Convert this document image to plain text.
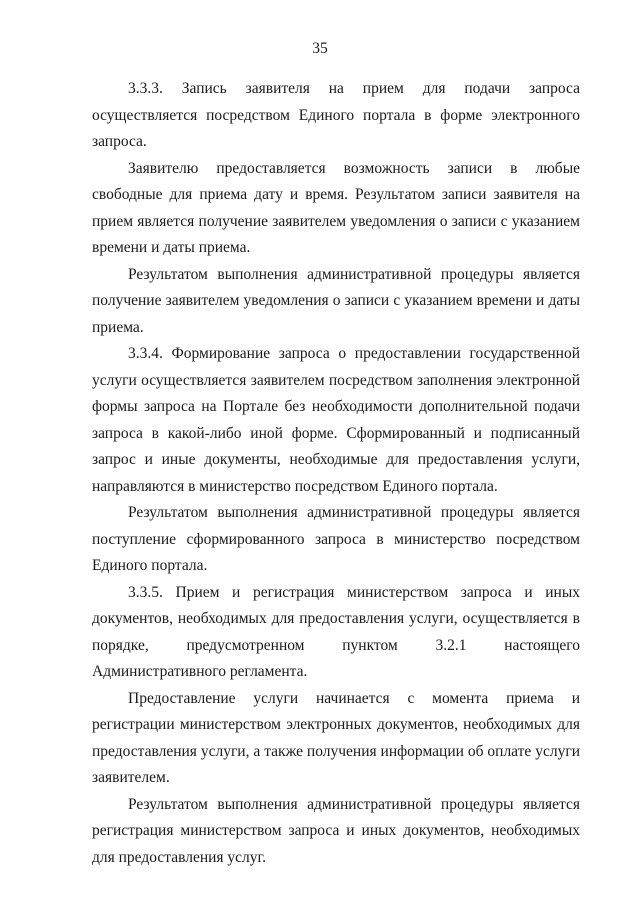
35

3.3.3. Запись заявителя на прием для подачи запроса осуществляется посредством Единого портала в форме электронного запроса.

Заявителю предоставляется возможность записи в любые свободные для приема дату и время. Результатом записи заявителя на прием является получение заявителем уведомления о записи с указанием времени и даты приема.

Результатом выполнения административной процедуры является получение заявителем уведомления о записи с указанием времени и даты приема.

3.3.4. Формирование запроса о предоставлении государственной услуги осуществляется заявителем посредством заполнения электронной формы запроса на Портале без необходимости дополнительной подачи запроса в какой-либо иной форме. Сформированный и подписанный запрос и иные документы, необходимые для предоставления услуги, направляются в министерство посредством Единого портала.

Результатом выполнения административной процедуры является поступление сформированного запроса в министерство посредством Единого портала.

3.3.5. Прием и регистрация министерством запроса и иных документов, необходимых для предоставления услуги, осуществляется в порядке, предусмотренном пунктом 3.2.1 настоящего Административного регламента.

Предоставление услуги начинается с момента приема и регистрации министерством электронных документов, необходимых для предоставления услуги, а также получения информации об оплате услуги заявителем.

Результатом выполнения административной процедуры является регистрация министерством запроса и иных документов, необходимых для предоставления услуг.
